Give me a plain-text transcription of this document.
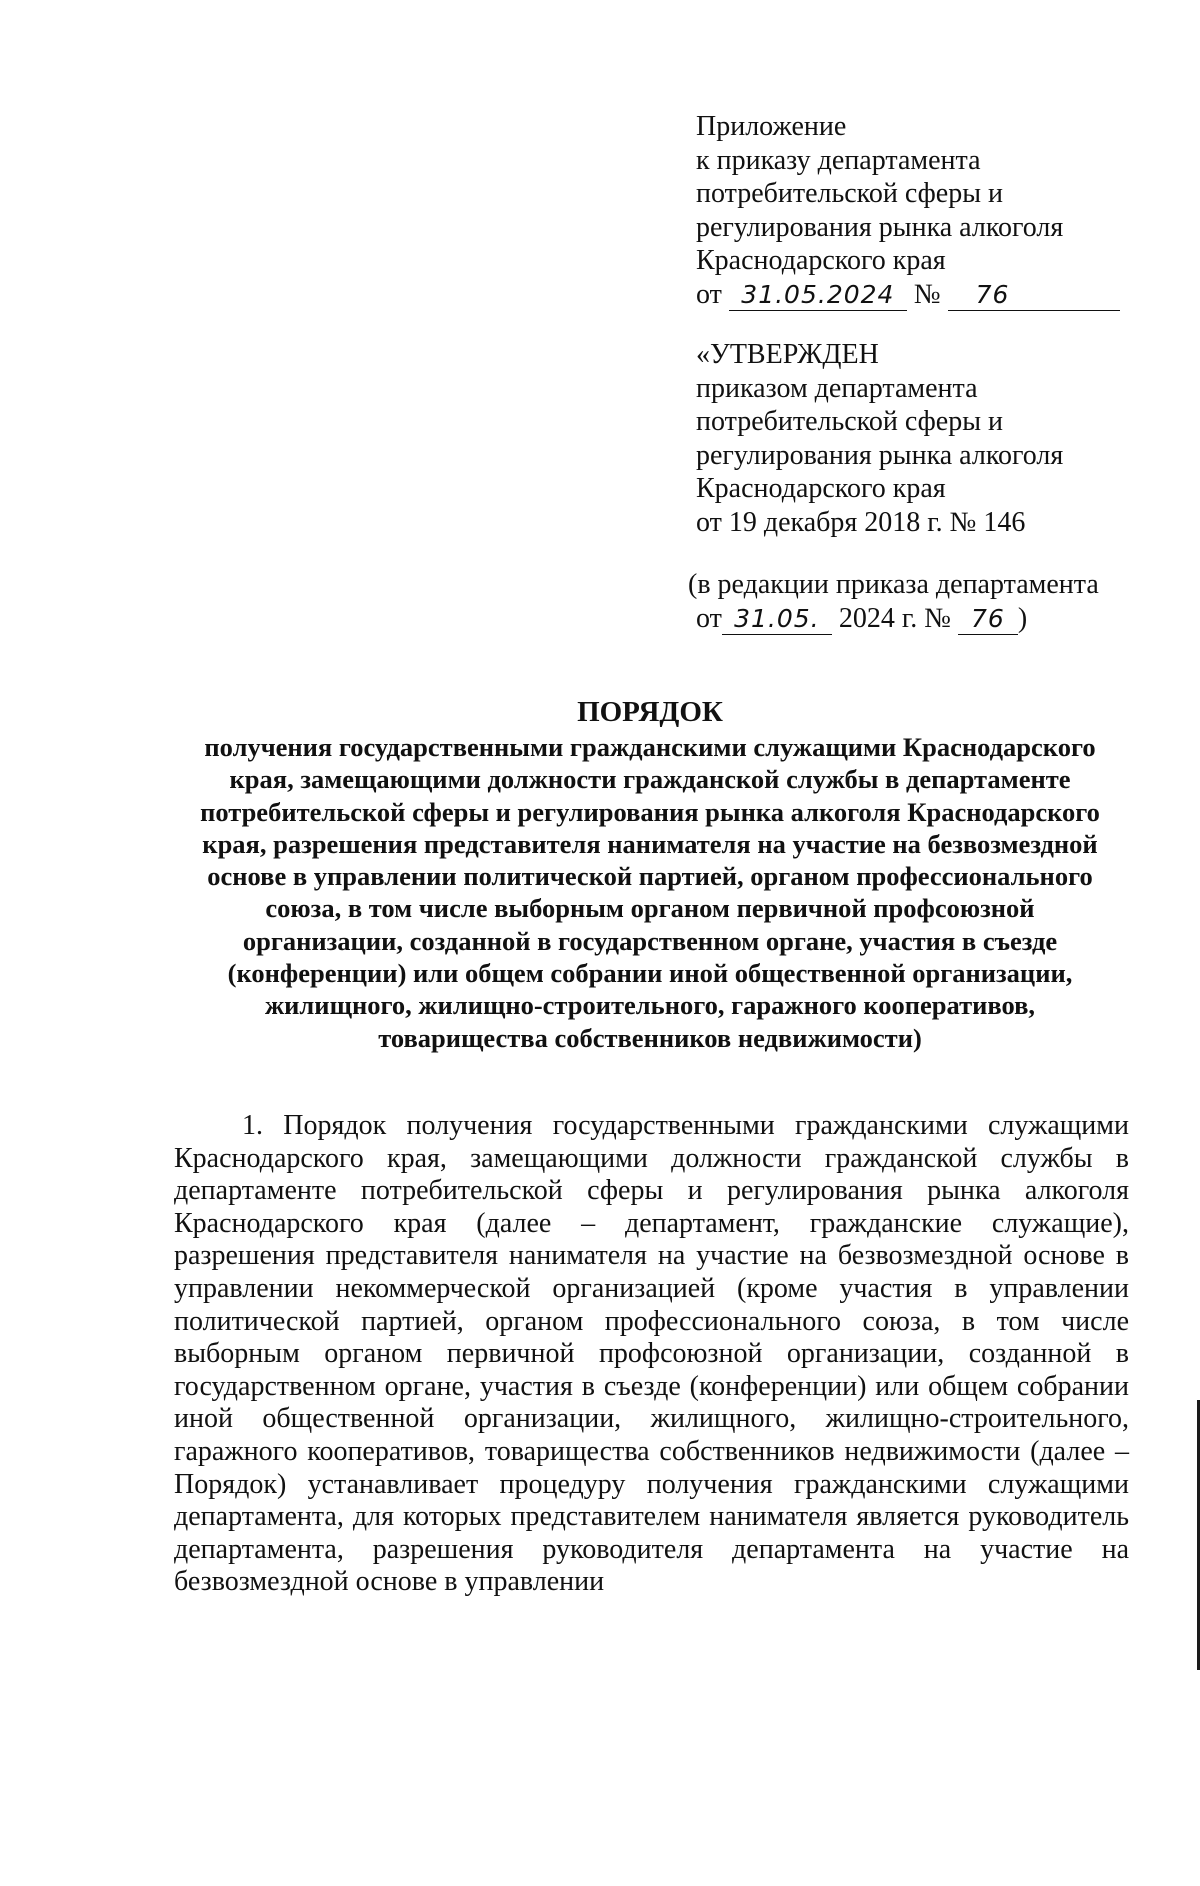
Приложение
к приказу департамента
потребительской сферы и
регулирования рынка алкоголя
Краснодарского края
от 31.05.2024 № 76
«УТВЕРЖДЕН
приказом департамента
потребительской сферы и
регулирования рынка алкоголя
Краснодарского края
от 19 декабря 2018 г. № 146
(в редакции приказа департамента
от 31.05. 2024 г. № 76 )
ПОРЯДОК
получения государственными гражданскими служащими Краснодарского
края, замещающими должности гражданской службы в департаменте
потребительской сферы и регулирования рынка алкоголя Краснодарского
края, разрешения представителя нанимателя на участие на безвозмездной
основе в управлении политической партией, органом профессионального
союза, в том числе выборным органом первичной профсоюзной
организации, созданной в государственном органе, участия в съезде
(конференции) или общем собрании иной общественной организации,
жилищного, жилищно-строительного, гаражного кооперативов,
товарищества собственников недвижимости)

1. Порядок получения государственными гражданскими служащими Краснодарского края, замещающими должности гражданской службы в департаменте потребительской сферы и регулирования рынка алкоголя Краснодарского края (далее – департамент, гражданские служащие), разрешения представителя нанимателя на участие на безвозмездной основе в управлении некоммерческой организацией (кроме участия в управлении политической партией, органом профессионального союза, в том числе выборным органом первичной профсоюзной организации, созданной в государственном органе, участия в съезде (конференции) или общем собрании иной общественной организации, жилищного, жилищно-строительного, гаражного кооперативов, товарищества собственников недвижимости (далее – Порядок) устанавливает процедуру получения гражданскими служащими департамента, для которых представителем нанимателя является руководитель департамента, разрешения руководителя департамента на участие на безвозмездной основе в управлении
